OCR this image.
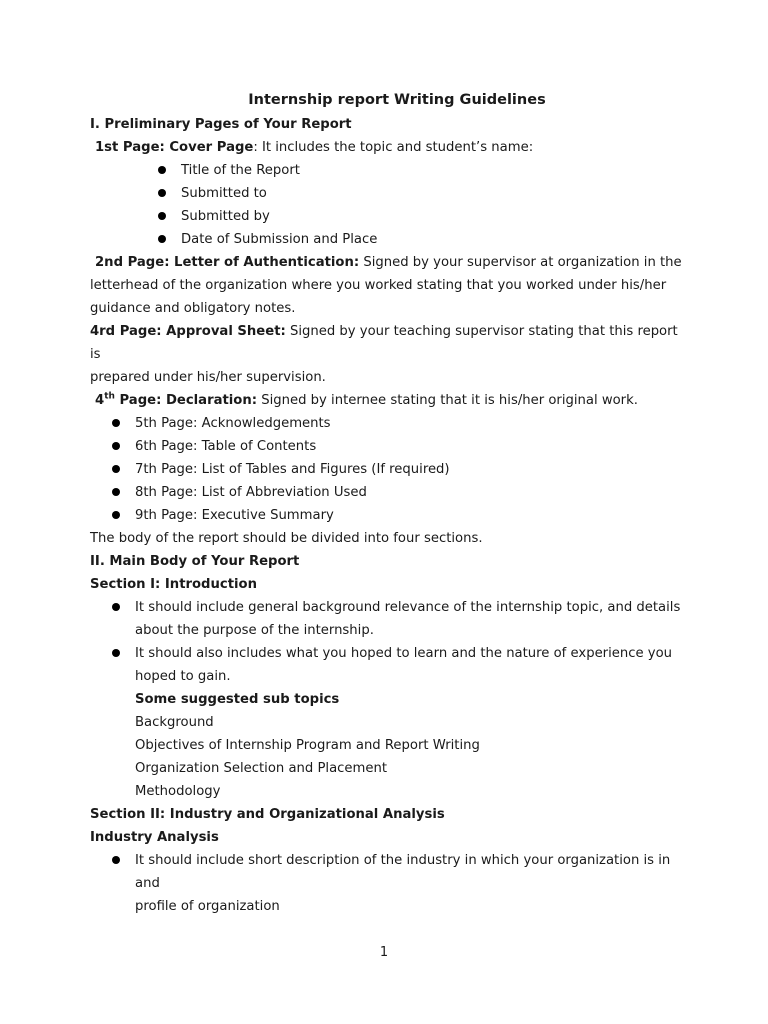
Internship report Writing Guidelines

I. Preliminary Pages of Your Report

1st Page: Cover Page: It includes the topic and student’s name:

Title of the Report
Submitted to
Submitted by
Date of Submission and Place

2nd Page: Letter of Authentication: Signed by your supervisor at organization in the

letterhead of the organization where you worked stating that you worked under his/her

guidance and obligatory notes.

4rd Page: Approval Sheet: Signed by your teaching supervisor stating that this report is

prepared under his/her supervision.

4th Page: Declaration: Signed by internee stating that it is his/her original work.

5th Page: Acknowledgements
6th Page: Table of Contents
7th Page: List of Tables and Figures (If required)
8th Page: List of Abbreviation Used
9th Page: Executive Summary

The body of the report should be divided into four sections.

II. Main Body of Your Report

Section I: Introduction

It should include general background relevance of the internship topic, and details
about the purpose of the internship.
It should also includes what you hoped to learn and the nature of experience you
hoped to gain.

Some suggested sub topics

Background

Objectives of Internship Program and Report Writing

Organization Selection and Placement

Methodology

Section II: Industry and Organizational Analysis

Industry Analysis

It should include short description of the industry in which your organization is in and
profile of organization
1
